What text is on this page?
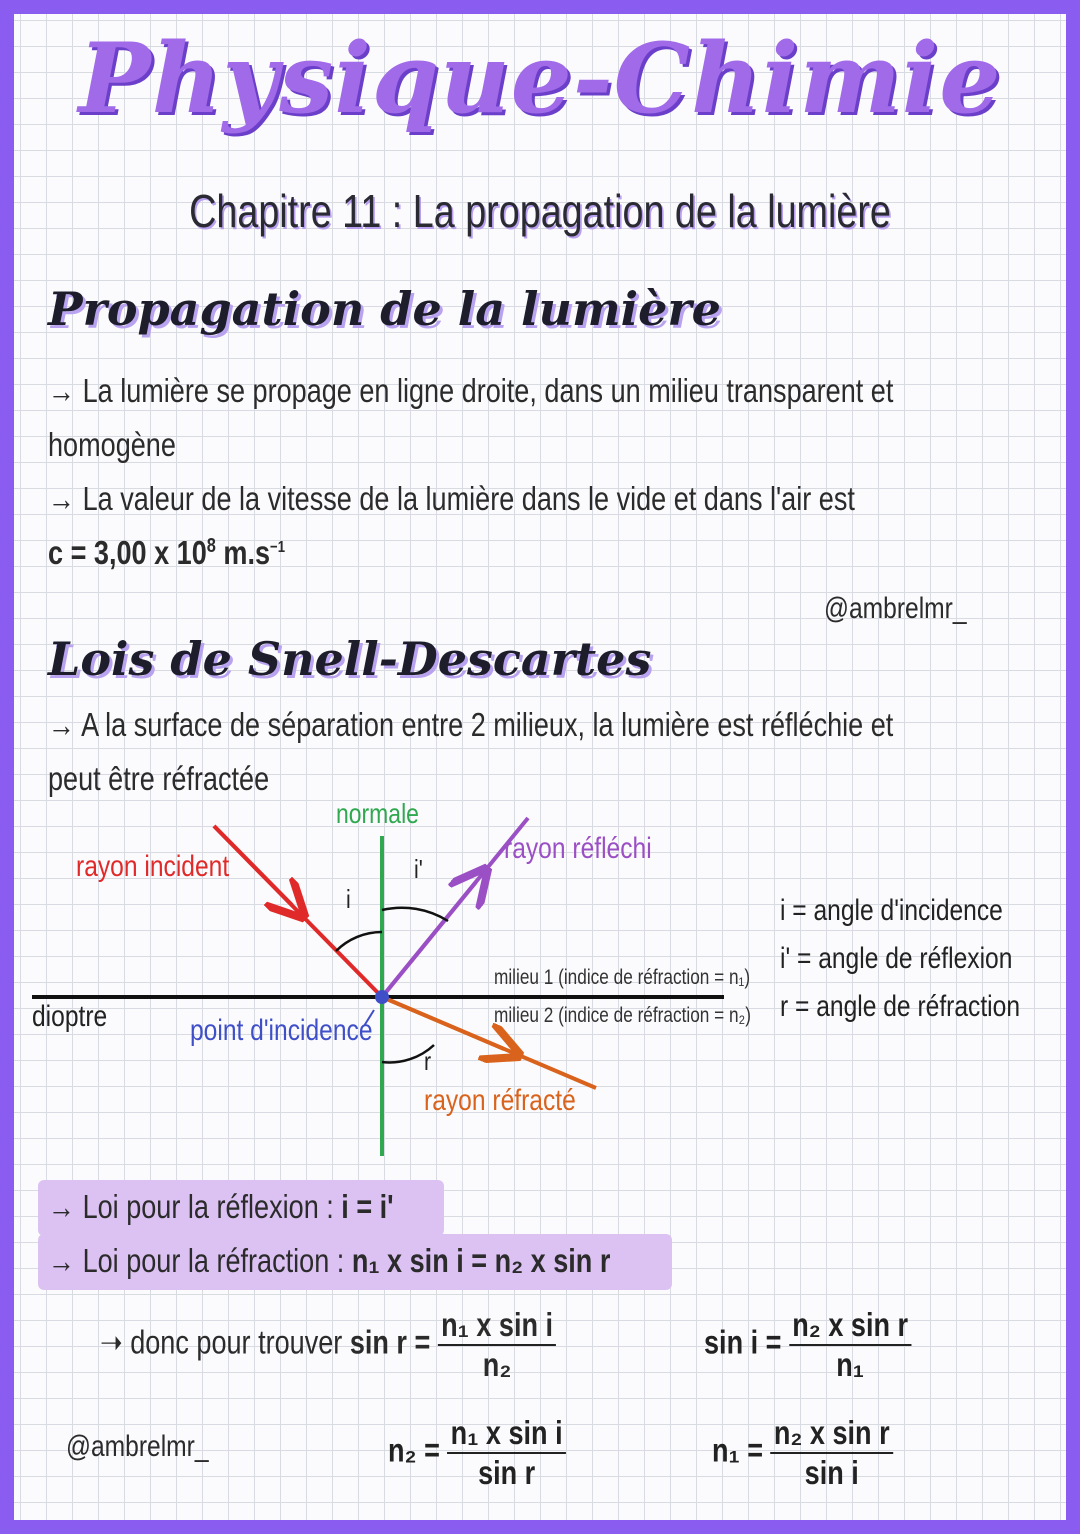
Physique-Chimie
Chapitre 11 : La propagation de la lumière
Propagation de la lumière
→ La lumière se propage en ligne droite, dans un milieu transparent et
homogène
→ La valeur de la vitesse de la lumière dans le vide et dans l'air est
c = 3,00 x $10^8$ $m.s^{-1}$
@ambrelmr_
Lois de Snell-Descartes
→ A la surface de séparation entre 2 milieux, la lumière est réfléchie et
peut être réfractée
normale
rayon incident
rayon réfléchi
i
i'
dioptre	point d'incidence
r
rayon réfracté
milieu 1 (indice de réfraction = n₁)
milieu 2 (indice de réfraction = n₂)
i = angle d'incidence
i' = angle de réflexion
r = angle de réfraction
→ Loi pour la réflexion : i = i'
→ Loi pour la réfraction : n₁ x sin i = n₂ x sin r
➝ donc pour trouver $\sin r = \frac{\text{n₁ x sin i}}{\text{n₂}}$	$\sin i = \frac{\text{n₂ x sin r}}{\text{n₁}}$
$n_2 = \frac{\text{n₁ x sin i}}{\text{sin r}}$	$n_1 = \frac{\text{n₂ x sin r}}{\text{sin i}}$
@ambrelmr_
